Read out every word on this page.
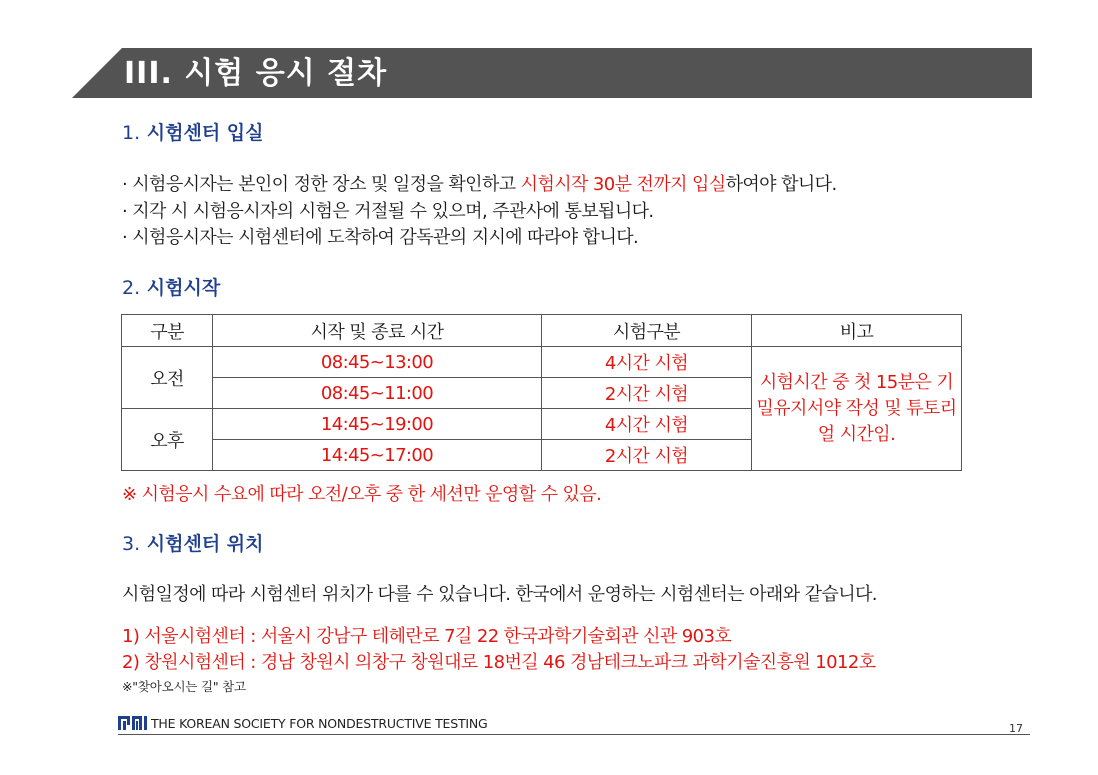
III. 시험 응시 절차
1. 시험센터 입실
· 시험응시자는 본인이 정한 장소 및 일정을 확인하고 시험시작 30분 전까지 입실하여야 합니다.
· 지각 시 시험응시자의 시험은 거절될 수 있으며, 주관사에 통보됩니다.
· 시험응시자는 시험센터에 도착하여 감독관의 지시에 따라야 합니다.
2. 시험시작
구분	시작 및 종료 시간	시험구분	비고
오전	08:45~13:00	4시간 시험	시험시간 중 첫 15분은 기밀유지서약 작성 및 튜토리얼 시간임.
	08:45~11:00	2시간 시험	
오후	14:45~19:00	4시간 시험	
	14:45~17:00	2시간 시험	
※ 시험응시 수요에 따라 오전/오후 중 한 세션만 운영할 수 있음.
3. 시험센터 위치
시험일정에 따라 시험센터 위치가 다를 수 있습니다. 한국에서 운영하는 시험센터는 아래와 같습니다.
1) 서울시험센터 : 서울시 강남구 테헤란로 7길 22 한국과학기술회관 신관 903호
2) 창원시험센터 : 경남 창원시 의창구 창원대로 18번길 46 경남테크노파크 과학기술진흥원 1012호
※"찾아오시는 길" 참고
THE KOREAN SOCIETY FOR NONDESTRUCTIVE TESTING	17
